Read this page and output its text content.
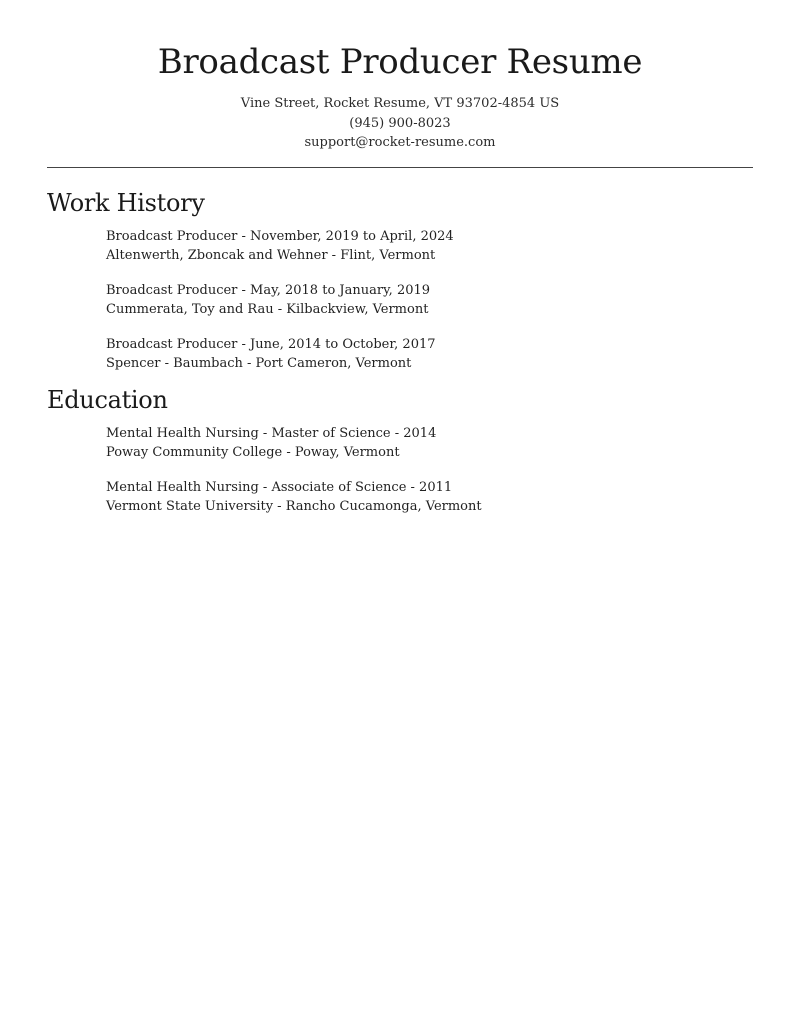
Broadcast Producer Resume
Vine Street, Rocket Resume, VT 93702-4854 US
(945) 900-8023
support@rocket-resume.com
Work History
Broadcast Producer - November, 2019 to April, 2024
Altenwerth, Zboncak and Wehner - Flint, Vermont
Broadcast Producer - May, 2018 to January, 2019
Cummerata, Toy and Rau - Kilbackview, Vermont
Broadcast Producer - June, 2014 to October, 2017
Spencer - Baumbach - Port Cameron, Vermont
Education
Mental Health Nursing - Master of Science - 2014
Poway Community College - Poway, Vermont
Mental Health Nursing - Associate of Science - 2011
Vermont State University - Rancho Cucamonga, Vermont
